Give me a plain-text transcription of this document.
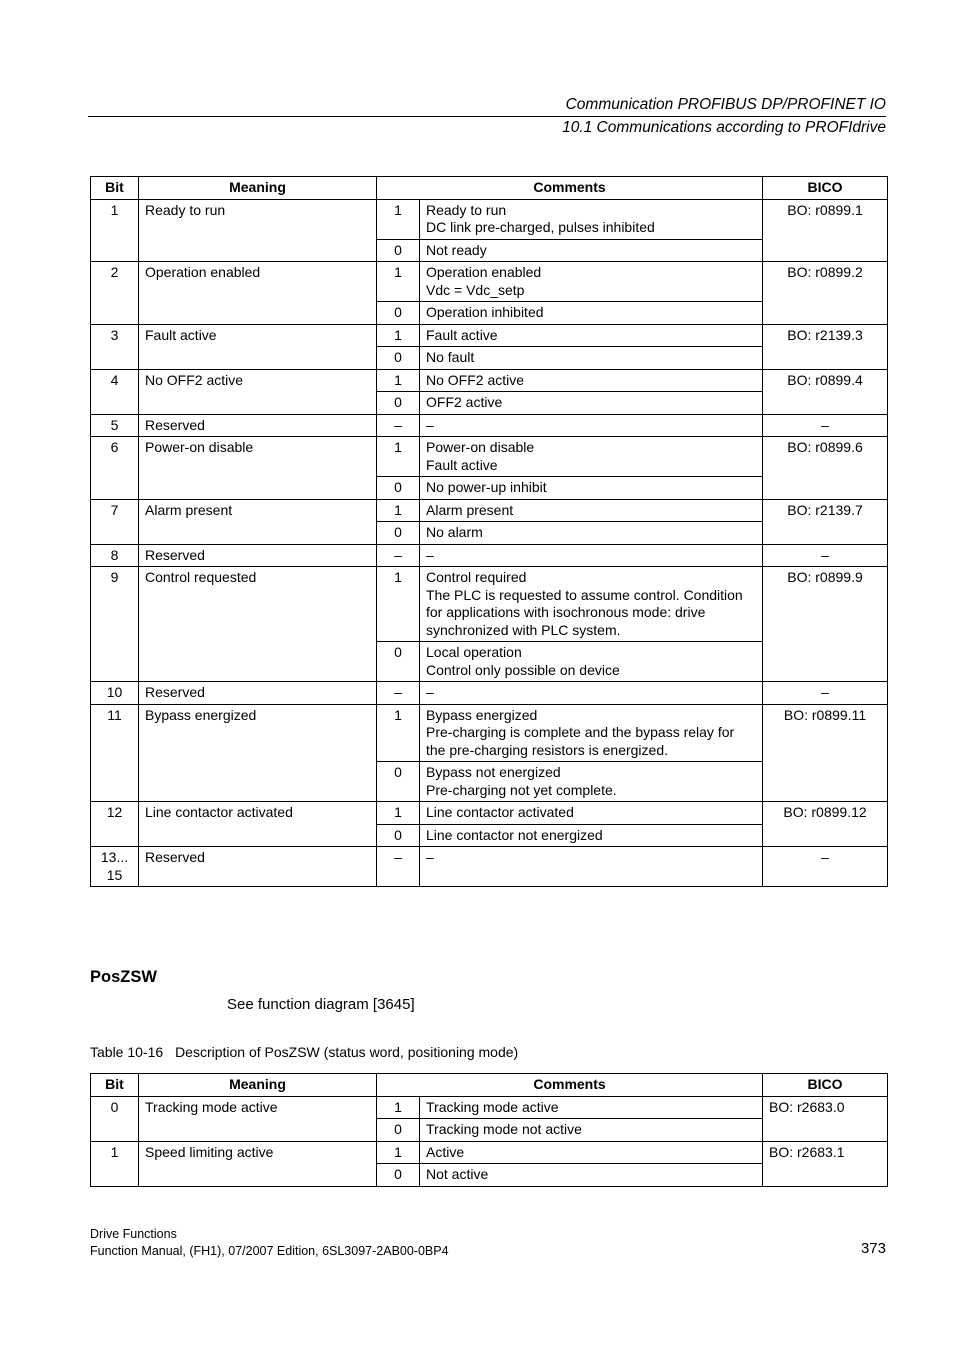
Communication PROFIBUS DP/PROFINET IO
10.1 Communications according to PROFIdrive
Bit	Meaning	Comments		BICO
1	Ready to run	1	Ready to run
DC link pre-charged, pulses inhibited	BO: r0899.1
		0	Not ready	

2	Operation enabled	1	Operation enabled
Vdc = Vdc_setp	BO: r0899.2
		0	Operation inhibited	

3	Fault active	1	Fault active	BO: r2139.3
		0	No fault	

4	No OFF2 active	1	No OFF2 active	BO: r0899.4
		0	OFF2 active	

5	Reserved	–	–	–
6	Power-on disable	1	Power-on disable
Fault active	BO: r0899.6
		0	No power-up inhibit	

7	Alarm present	1	Alarm present	BO: r2139.7
		0	No alarm	

8	Reserved	–	–	–
9	Control requested	1	Control required
The PLC is requested to assume control. Condition for applications with isochronous mode: drive synchronized with PLC system.	BO: r0899.9
		0	Local operation
Control only possible on device	

10	Reserved	–	–	–
11	Bypass energized	1	Bypass energized
Pre-charging is complete and the bypass relay for the pre-charging resistors is energized.	BO: r0899.11
		0	Bypass not energized
Pre-charging not yet complete.	

12	Line contactor activated	1	Line contactor activated	BO: r0899.12
		0	Line contactor not energized	

13...
15	Reserved	–	–	–
PosZSW
See function diagram [3645]
Table 10-16 Description of PosZSW (status word, positioning mode)
Bit	Meaning	Comments		BICO
0	Tracking mode active	1	Tracking mode active	BO: r2683.0
		0	Tracking mode not active	

1	Speed limiting active	1	Active	BO: r2683.1
		0	Not active	
Drive Functions
Function Manual, (FH1), 07/2007 Edition, 6SL3097-2AB00-0BP4	373
